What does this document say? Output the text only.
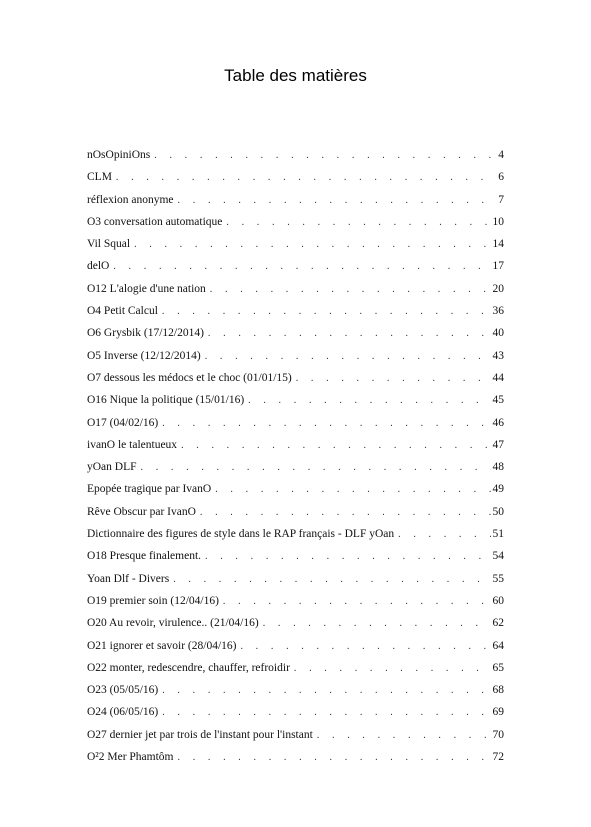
Table des matières
nOsOpiniOns . . .	4
CLM . . .	6
réflexion anonyme . . .	7
O3 conversation automatique . . .	10
Vil Squal . . .	14
delO . . .	17
O12 L'alogie d'une nation . . .	20
O4 Petit Calcul . . .	36
O6 Grysbik (17/12/2014) . . .	40
O5 Inverse (12/12/2014) . . .	43
O7 dessous les médocs et le choc (01/01/15) . . .	44
O16 Nique la politique (15/01/16) . . .	45
O17 (04/02/16) . . .	46
ivanO le talentueux . . .	47
yOan DLF . . .	48
Epopée tragique par IvanO . . .	49
Rêve Obscur par IvanO . . .	50
Dictionnaire des figures de style dans le RAP français - DLF yOan . . .	51
O18 Presque finalement. . . .	54
Yoan Dlf - Divers . . .	55
O19 premier soin (12/04/16) . . .	60
O20 Au revoir, virulence.. (21/04/16) . . .	62
O21 ignorer et savoir (28/04/16) . . .	64
O22 monter, redescendre, chauffer, refroidir . . .	65
O23 (05/05/16) . . .	68
O24 (06/05/16) . . .	69
O27 dernier jet par trois de l'instant pour l'instant . . .	70
O²2 Mer Phamtôm . . .	72
